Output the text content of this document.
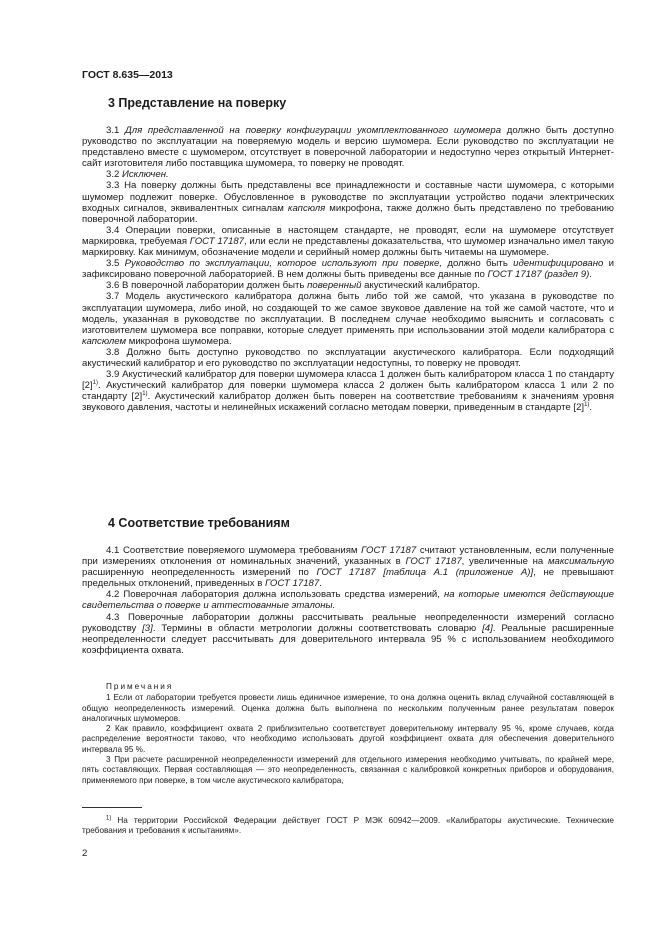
ГОСТ 8.635—2013
3 Представление на поверку

3.1 Для представленной на поверку конфигурации укомплектованного шумомера должно быть доступно руководство по эксплуатации на поверяемую модель и версию шумомера. Если руководство по эксплуатации не представлено вместе с шумомером, отсутствует в поверочной лаборатории и недоступно через открытый Интернет-сайт изготовителя либо поставщика шумомера, то поверку не проводят.

3.2 Исключен.

3.3 На поверку должны быть представлены все принадлежности и составные части шумомера, с которыми шумомер подлежит поверке. Обусловленное в руководстве по эксплуатации устройство подачи электрических входных сигналов, эквивалентных сигналам капсюля микрофона, также должно быть представлено по требованию поверочной лаборатории.

3.4 Операции поверки, описанные в настоящем стандарте, не проводят, если на шумомере отсутствует маркировка, требуемая ГОСТ 17187, или если не представлены доказательства, что шумомер изначально имел такую маркировку. Как минимум, обозначение модели и серийный номер должны быть читаемы на шумомере.

3.5 Руководство по эксплуатации, которое используют при поверке, должно быть идентифицировано и зафиксировано поверочной лабораторией. В нем должны быть приведены все данные по ГОСТ 17187 (раздел 9).

3.6 В поверочной лаборатории должен быть поверенный акустический калибратор.

3.7 Модель акустического калибратора должна быть либо той же самой, что указана в руководстве по эксплуатации шумомера, либо иной, но создающей то же самое звуковое давление на той же самой частоте, что и модель, указанная в руководстве по эксплуатации. В последнем случае необходимо выяснить и согласовать с изготовителем шумомера все поправки, которые следует применять при использовании этой модели калибратора с капсюлем микрофона шумомера.

3.8 Должно быть доступно руководство по эксплуатации акустического калибратора. Если подходящий акустический калибратор и его руководство по эксплуатации недоступны, то поверку не проводят.

3.9 Акустический калибратор для поверки шумомера класса 1 должен быть калибратором класса 1 по стандарту $[2]^{1)}$. Акустический калибратор для поверки шумомера класса 2 должен быть калибратором класса 1 или 2 по стандарту $[2]^{1)}$. Акустический калибратор должен быть поверен на соответствие требованиям к значениям уровня звукового давления, частоты и нелинейных искажений согласно методам поверки, приведенным в стандарте $[2]^{1)}$.

4 Соответствие требованиям

4.1 Соответствие поверяемого шумомера требованиям ГОСТ 17187 считают установленным, если полученные при измерениях отклонения от номинальных значений, указанных в ГОСТ 17187, увеличенные на максимальную расширенную неопределенность измерений по ГОСТ 17187 [таблица А.1 (приложение А)], не превышают предельных отклонений, приведенных в ГОСТ 17187.

4.2 Поверочная лаборатория должна использовать средства измерений, на которые имеются действующие свидетельства о поверке и аттестованные эталоны.

4.3 Поверочные лаборатории должны рассчитывать реальные неопределенности измерений согласно руководству [3]. Термины в области метрологии должны соответствовать словарю [4]. Реальные расширенные неопределенности следует рассчитывать для доверительного интервала 95 % с использованием необходимого коэффициента охвата.

Примечания

1 Если от лаборатории требуется провести лишь единичное измерение, то она должна оценить вклад случайной составляющей в общую неопределенность измерений. Оценка должна быть выполнена по нескольким полученным ранее результатам поверок аналогичных шумомеров.

2 Как правило, коэффициент охвата 2 приблизительно соответствует доверительному интервалу 95 %, кроме случаев, когда распределение вероятности таково, что необходимо использовать другой коэффициент охвата для обеспечения доверительного интервала 95 %.

3 При расчете расширенной неопределенности измерений для отдельного измерения необходимо учитывать, по крайней мере, пять составляющих. Первая составляющая — это неопределенность, связанная с калибровкой конкретных приборов и оборудования, применяемого при поверке, в том числе акустического калибратора,

$^{1)}$ На территории Российской Федерации действует ГОСТ Р МЭК 60942—2009. «Калибраторы акустические. Технические требования и требования к испытаниям».

2
